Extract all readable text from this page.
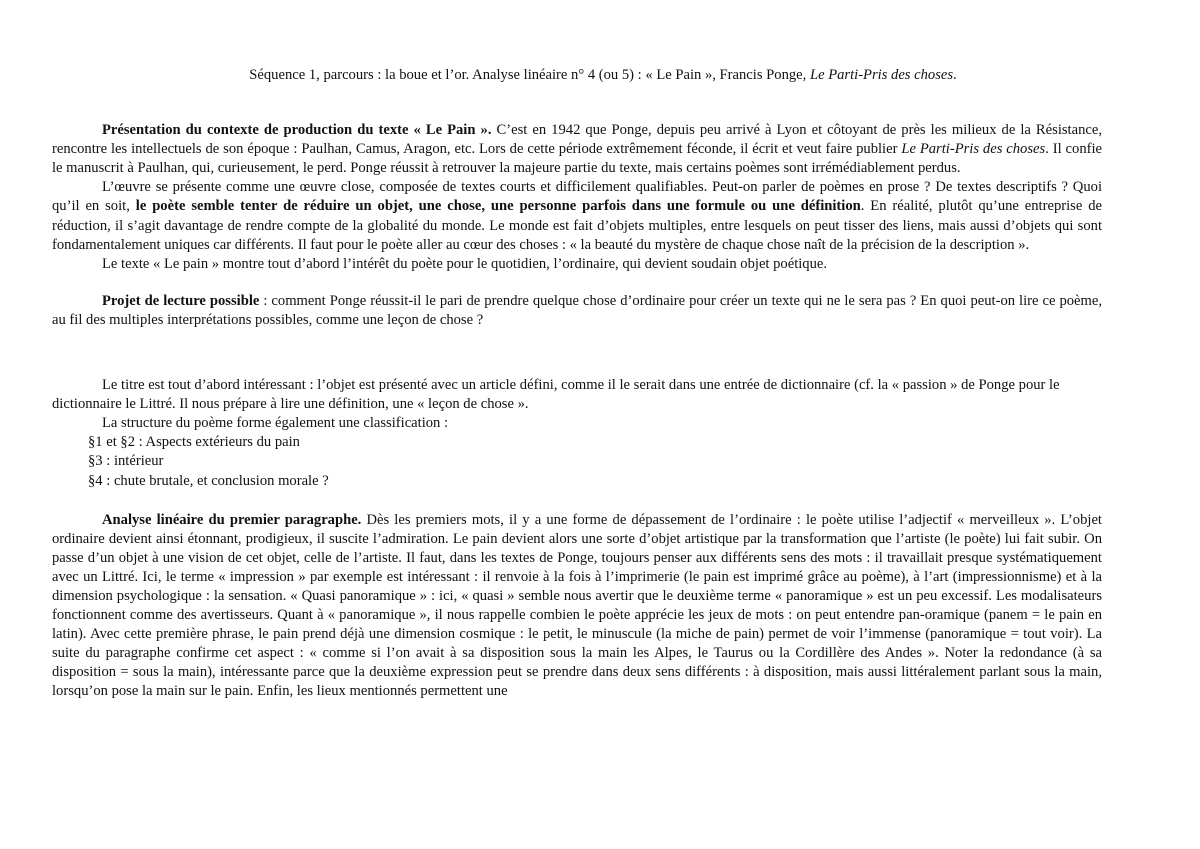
Séquence 1, parcours : la boue et l’or. Analyse linéaire n° 4 (ou 5) : « Le Pain », Francis Ponge, Le Parti-Pris des choses.

Présentation du contexte de production du texte « Le Pain ». C’est en 1942 que Ponge, depuis peu arrivé à Lyon et côtoyant de près les milieux de la Résistance, rencontre les intellectuels de son époque : Paulhan, Camus, Aragon, etc. Lors de cette période extrêmement féconde, il écrit et veut faire publier Le Parti-Pris des choses. Il confie le manuscrit à Paulhan, qui, curieusement, le perd. Ponge réussit à retrouver la majeure partie du texte, mais certains poèmes sont irrémédiablement perdus.

L’œuvre se présente comme une œuvre close, composée de textes courts et difficilement qualifiables. Peut-on parler de poèmes en prose ? De textes descriptifs ? Quoi qu’il en soit, le poète semble tenter de réduire un objet, une chose, une personne parfois dans une formule ou une définition. En réalité, plutôt qu’une entreprise de réduction, il s’agit davantage de rendre compte de la globalité du monde. Le monde est fait d’objets multiples, entre lesquels on peut tisser des liens, mais aussi d’objets qui sont fondamentalement uniques car différents. Il faut pour le poète aller au cœur des choses : « la beauté du mystère de chaque chose naît de la précision de la description ».

Le texte « Le pain » montre tout d’abord l’intérêt du poète pour le quotidien, l’ordinaire, qui devient soudain objet poétique.

Projet de lecture possible : comment Ponge réussit-il le pari de prendre quelque chose d’ordinaire pour créer un texte qui ne le sera pas ? En quoi peut-on lire ce poème, au fil des multiples interprétations possibles, comme une leçon de chose ?

Le titre est tout d’abord intéressant : l’objet est présenté avec un article défini, comme il le serait dans une entrée de dictionnaire (cf. la « passion » de Ponge pour le dictionnaire le Littré. Il nous prépare à lire une définition, une « leçon de chose ».

La structure du poème forme également une classification :
§1 et §2 : Aspects extérieurs du pain
§3 : intérieur
§4 : chute brutale, et conclusion morale ?

Analyse linéaire du premier paragraphe. Dès les premiers mots, il y a une forme de dépassement de l’ordinaire : le poète utilise l’adjectif « merveilleux ». L’objet ordinaire devient ainsi étonnant, prodigieux, il suscite l’admiration. Le pain devient alors une sorte d’objet artistique par la transformation que l’artiste (le poète) lui fait subir. On passe d’un objet à une vision de cet objet, celle de l’artiste. Il faut, dans les textes de Ponge, toujours penser aux différents sens des mots : il travaillait presque systématiquement avec un Littré. Ici, le terme « impression » par exemple est intéressant : il renvoie à la fois à l’imprimerie (le pain est imprimé grâce au poème), à l’art (impressionnisme) et à la dimension psychologique : la sensation. « Quasi panoramique » : ici, « quasi » semble nous avertir que le deuxième terme « panoramique » est un peu excessif. Les modalisateurs fonctionnent comme des avertisseurs. Quant à « panoramique », il nous rappelle combien le poète apprécie les jeux de mots : on peut entendre pan-oramique (panem = le pain en latin). Avec cette première phrase, le pain prend déjà une dimension cosmique : le petit, le minuscule (la miche de pain) permet de voir l’immense (panoramique = tout voir). La suite du paragraphe confirme cet aspect : « comme si l’on avait à sa disposition sous la main les Alpes, le Taurus ou la Cordillère des Andes ». Noter la redondance (à sa disposition = sous la main), intéressante parce que la deuxième expression peut se prendre dans deux sens différents : à disposition, mais aussi littéralement parlant sous la main, lorsqu’on pose la main sur le pain. Enfin, les lieux mentionnés permettent une
